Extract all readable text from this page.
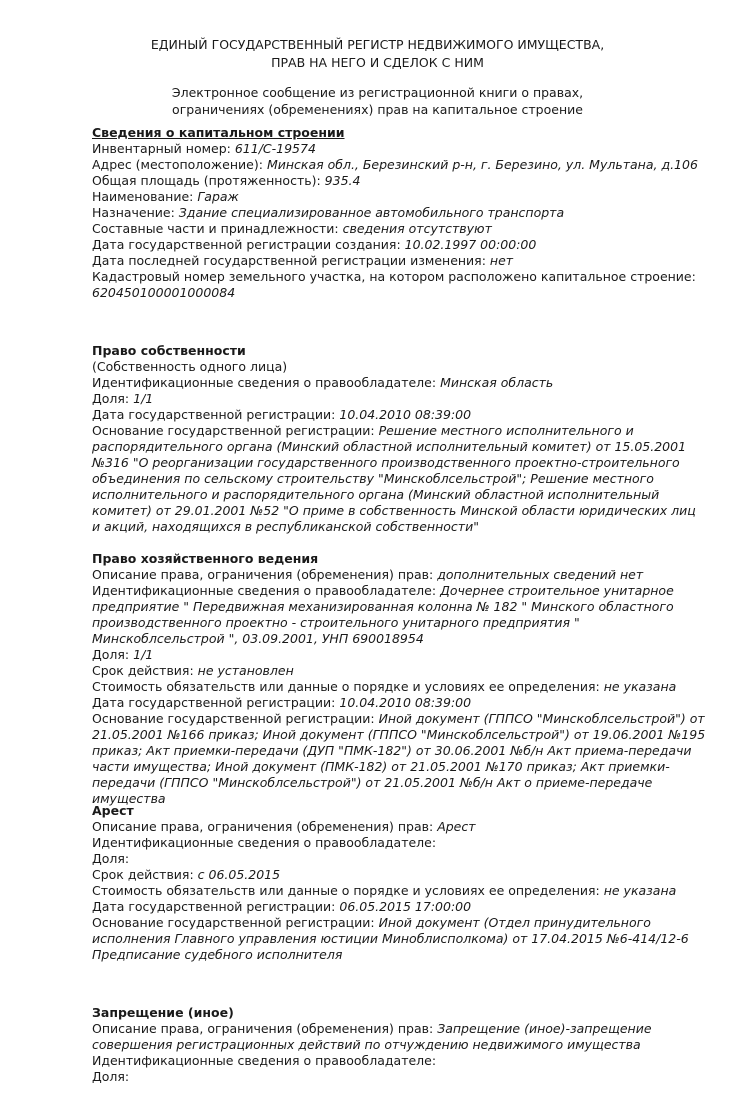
ЕДИНЫЙ ГОСУДАРСТВЕННЫЙ РЕГИСТР НЕДВИЖИМОГО ИМУЩЕСТВА,
ПРАВ НА НЕГО И СДЕЛОК С НИМ
Электронное сообщение из регистрационной книги о правах,
ограничениях (обременениях) прав на капитальное строение

Сведения о капитальном строении

Инвентарный номер: 611/С-19574

Адрес (местоположение): Минская обл., Березинский р-н, г. Березино, ул. Мультана, д.106

Общая площадь (протяженность): 935.4

Наименование: Гараж

Назначение: Здание специализированное автомобильного транспорта

Составные части и принадлежности: сведения отсутствуют

Дата государственной регистрации создания: 10.02.1997 00:00:00

Дата последней государственной регистрации изменения: нет

Кадастровый номер земельного участка, на котором расположено капитальное строение: 620450100001000084

Право собственности

(Собственность одного лица)

Идентификационные сведения о правообладателе: Минская область

Доля: 1/1

Дата государственной регистрации: 10.04.2010 08:39:00

Основание государственной регистрации: Решение местного исполнительного и распорядительного органа (Минский областной исполнительный комитет) от 15.05.2001 №316 "О реорганизации государственного производственного проектно-строительного объединения по сельскому строительству "Минскоблсельстрой"; Решение местного исполнительного и распорядительного органа (Минский областной исполнительный комитет) от 29.01.2001 №52 "О приме в собственность Минской области юридических лиц и акций, находящихся в республиканской собственности"

Право хозяйственного ведения

Описание права, ограничения (обременения) прав: дополнительных сведений нет

Идентификационные сведения о правообладателе: Дочернее строительное унитарное предприятие " Передвижная механизированная колонна № 182 " Минского областного производственного проектно - строительного унитарного предприятия " Минскоблсельстрой ", 03.09.2001, УНП 690018954

Доля: 1/1

Срок действия: не установлен

Стоимость обязательств или данные о порядке и условиях ее определения: не указана

Дата государственной регистрации: 10.04.2010 08:39:00

Основание государственной регистрации: Иной документ (ГППСО "Минскоблсельстрой") от 21.05.2001 №166 приказ; Иной документ (ГППСО "Минскоблсельстрой") от 19.06.2001 №195 приказ; Акт приемки-передачи (ДУП "ПМК-182") от 30.06.2001 №б/н Акт приема-передачи части имущества; Иной документ (ПМК-182) от 21.05.2001 №170 приказ; Акт приемки-передачи (ГППСО "Минскоблсельстрой") от 21.05.2001 №б/н Акт о приеме-передаче имущества

Арест

Описание права, ограничения (обременения) прав: Арест

Идентификационные сведения о правообладателе:

Доля:

Срок действия: с 06.05.2015

Стоимость обязательств или данные о порядке и условиях ее определения: не указана

Дата государственной регистрации: 06.05.2015 17:00:00

Основание государственной регистрации: Иной документ (Отдел принудительного исполнения Главного управления юстиции Миноблисполкома) от 17.04.2015 №6-414/12-6 Предписание судебного исполнителя

Запрещение (иное)

Описание права, ограничения (обременения) прав: Запрещение (иное)-запрещение совершения регистрационных действий по отчуждению недвижимого имущества

Идентификационные сведения о правообладателе:

Доля:
